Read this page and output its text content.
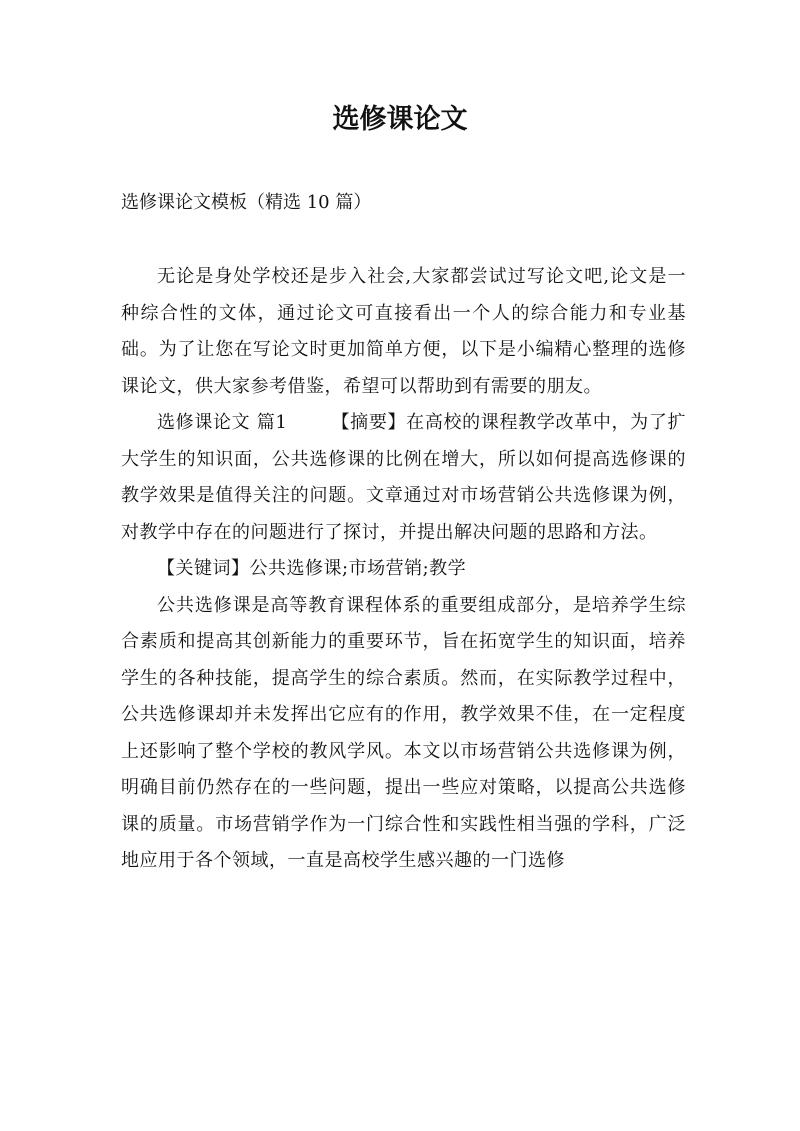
选修课论文

选修课论文模板（精选 10 篇）

无论是身处学校还是步入社会,大家都尝试过写论文吧,论文是一种综合性的文体，通过论文可直接看出一个人的综合能力和专业基础。为了让您在写论文时更加简单方便，以下是小编精心整理的选修课论文，供大家参考借鉴，希望可以帮助到有需要的朋友。

选修课论文 篇1 【摘要】在高校的课程教学改革中，为了扩大学生的知识面，公共选修课的比例在增大，所以如何提高选修课的教学效果是值得关注的问题。文章通过对市场营销公共选修课为例，对教学中存在的问题进行了探讨，并提出解决问题的思路和方法。

【关键词】公共选修课;市场营销;教学

公共选修课是高等教育课程体系的重要组成部分，是培养学生综合素质和提高其创新能力的重要环节，旨在拓宽学生的知识面，培养学生的各种技能，提高学生的综合素质。然而，在实际教学过程中，公共选修课却并未发挥出它应有的作用，教学效果不佳，在一定程度上还影响了整个学校的教风学风。本文以市场营销公共选修课为例，明确目前仍然存在的一些问题，提出一些应对策略，以提高公共选修课的质量。市场营销学作为一门综合性和实践性相当强的学科，广泛地应用于各个领域，一直是高校学生感兴趣的一门选修
